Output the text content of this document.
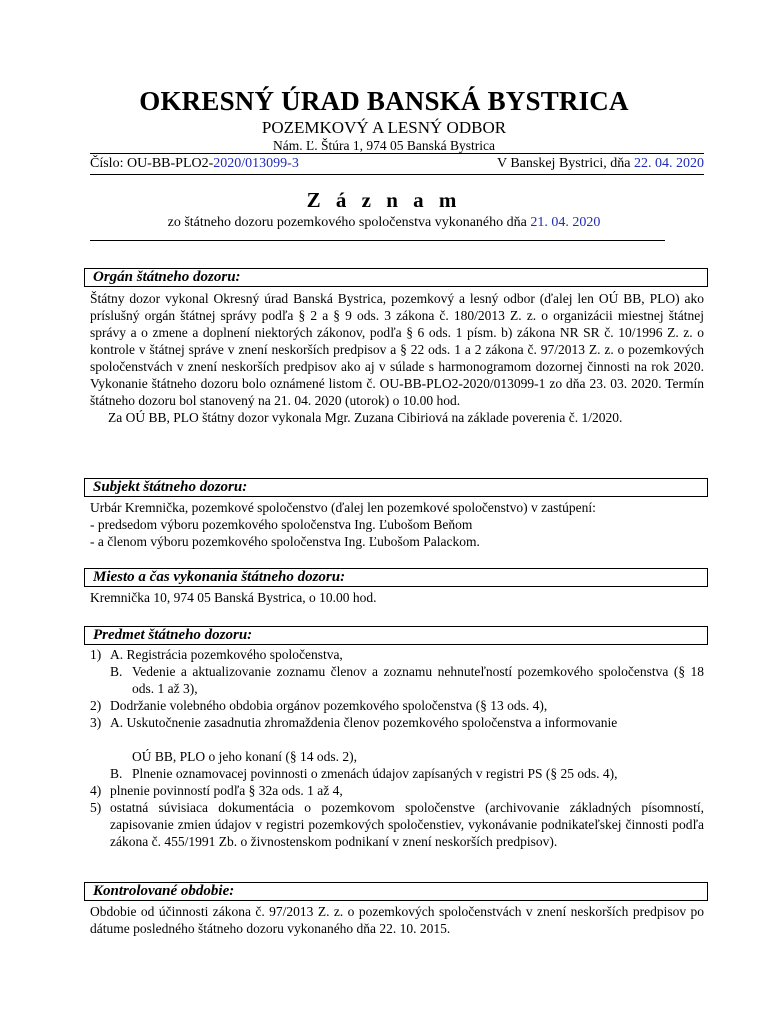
OKRESNÝ ÚRAD BANSKÁ BYSTRICA
POZEMKOVÝ A LESNÝ ODBOR
Nám. Ľ. Štúra 1, 974 05 Banská Bystrica
Číslo: OU-BB-PLO2-2020/013099-3	V Banskej Bystrici, dňa 22. 04. 2020
Z á z n a m
zo štátneho dozoru pozemkového spoločenstva vykonaného dňa 21. 04. 2020
Orgán štátneho dozoru:

Štátny dozor vykonal Okresný úrad Banská Bystrica, pozemkový a lesný odbor (ďalej len OÚ BB, PLO) ako príslušný orgán štátnej správy podľa § 2 a § 9 ods. 3 zákona č. 180/2013 Z. z. o organizácii miestnej štátnej správy a o zmene a doplnení niektorých zákonov, podľa § 6 ods. 1 písm. b) zákona NR SR č. 10/1996 Z. z. o kontrole v štátnej správe v znení neskorších predpisov a § 22 ods. 1 a 2 zákona č. 97/2013 Z. z. o pozemkových spoločenstvách v znení neskorších predpisov ako aj v súlade s harmonogramom dozornej činnosti na rok 2020. Vykonanie štátneho dozoru bolo oznámené listom č. OU-BB-PLO2-2020/013099-1 zo dňa 23. 03. 2020. Termín štátneho dozoru bol stanovený na 21. 04. 2020 (utorok) o 10.00 hod.

Za OÚ BB, PLO štátny dozor vykonala Mgr. Zuzana Cibiriová na základe poverenia č. 1/2020.

Subjekt štátneho dozoru:
Urbár Kremnička, pozemkové spoločenstvo (ďalej len pozemkové spoločenstvo) v zastúpení:
- predsedom výboru pozemkového spoločenstva Ing. Ľubošom Beňom
- a členom výboru pozemkového spoločenstva Ing. Ľubošom Palackom.
Miesto a čas vykonania štátneho dozoru:
Kremnička 10, 974 05 Banská Bystrica, o 10.00 hod.
Predmet štátneho dozoru:
1) A. Registrácia pozemkového spoločenstva,
B. Vedenie a aktualizovanie zoznamu členov a zoznamu nehnuteľností pozemkového spoločenstva (§ 18 ods. 1 až 3),
2) Dodržanie volebného obdobia orgánov pozemkového spoločenstva (§ 13 ods. 4),
3) A. Uskutočnenie zasadnutia zhromaždenia členov pozemkového spoločenstva a informovanie
OÚ BB, PLO o jeho konaní (§ 14 ods. 2),
B. Plnenie oznamovacej povinnosti o zmenách údajov zapísaných v registri PS (§ 25 ods. 4),
4) plnenie povinností podľa § 32a ods. 1 až 4,
5) ostatná súvisiaca dokumentácia o pozemkovom spoločenstve (archivovanie základných písomností, zapisovanie zmien údajov v registri pozemkových spoločenstiev, vykonávanie podnikateľskej činnosti podľa zákona č. 455/1991 Zb. o živnostenskom podnikaní v znení neskorších predpisov).
Kontrolované obdobie:

Obdobie od účinnosti zákona č. 97/2013 Z. z. o pozemkových spoločenstvách v znení neskorších predpisov po dátume posledného štátneho dozoru vykonaného dňa 22. 10. 2015.
